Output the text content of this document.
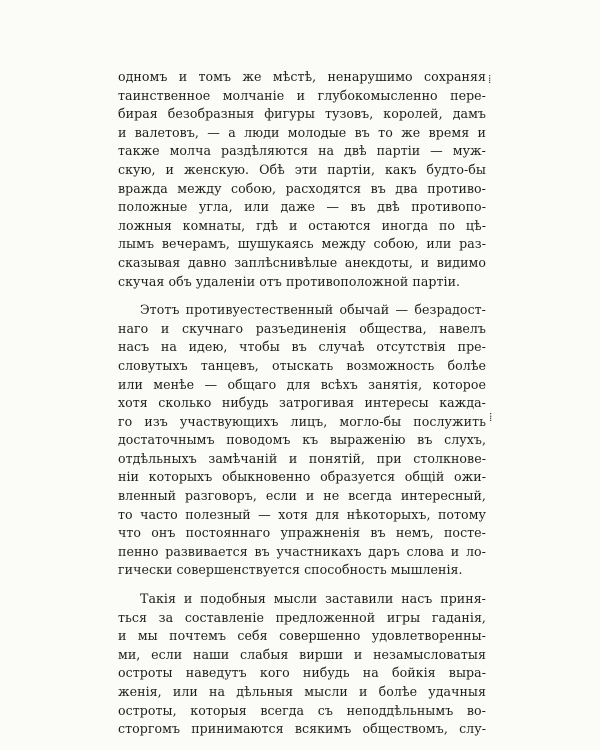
⁞
⁞

одномъ и томъ же мѣстѣ, ненарушимо сохраняя
таинственное молчаніе и глубокомысленно пере-
бирая безобразныя фигуры тузовъ, королей, дамъ
и валетовъ, — а люди молодые въ то же время и
также молча раздѣляются на двѣ партіи — муж-
скую, и женскую. Обѣ эти партіи, какъ будто-бы
вражда между собою, расходятся въ два противо-
положные угла, или даже — въ двѣ противопо-
ложныя комнаты, гдѣ и остаются иногда по цѣ-
лымъ вечерамъ, шушукаясь между собою, или раз-
сказывая давно заплѣснивѣлые анекдоты, и видимо
скучая объ удаленіи отъ противоположной партіи.

Этотъ противуестественный обычай — безрадост-
наго и скучнаго разъединенія общества, навелъ
насъ на идею, чтобы въ случаѣ отсутствія пре-
словутыхъ танцевъ, отыскать возможность болѣе
или менѣе — общаго для всѣхъ занятія, которое
хотя сколько нибудь затрогивая интересы кажда-
го изъ участвующихъ лицъ, могло-бы послужить
достаточнымъ поводомъ къ выраженію въ слухъ,
отдѣльныхъ замѣчаній и понятій, при столкнове-
ніи которыхъ обыкновенно образуется общій ожи-
вленный разговоръ, если и не всегда интересный,
то часто полезный — хотя для нѣкоторыхъ, потому
что онъ постояннаго упражненія въ немъ, посте-
пенно развивается въ участникахъ даръ слова и ло-
гически совершенствуется способность мышленія.

Такія и подобныя мысли заставили насъ приня-
ться за составленіе предложенной игры гаданія,
и мы почтемъ себя совершенно удовлетворенны-
ми, если наши слабыя вирши и незамысловатыя
остроты наведутъ кого нибудь на бойкія выра-
женія, или на дѣльныя мысли и болѣе удачныя
остроты, которыя всегда съ неподдѣльнымъ во-
сторгомъ принимаются всякимъ обществомъ, слу-
